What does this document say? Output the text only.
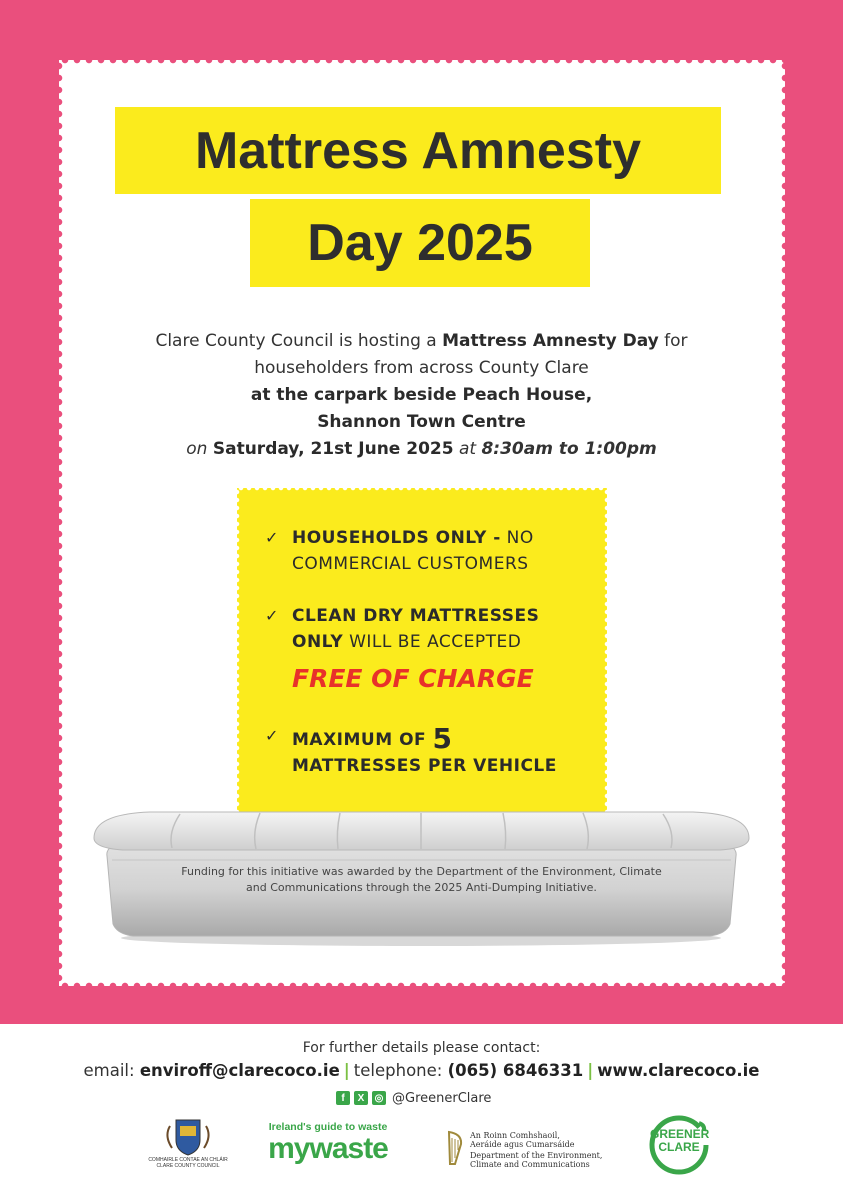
Mattress Amnesty
Day 2025
Clare County Council is hosting a Mattress Amnesty Day for
householders from across County Clare
at the carpark beside Peach House,
Shannon Town Centre
on Saturday, 21st June 2025 at 8:30am to 1:00pm
✓ HOUSEHOLDS ONLY - NO
COMMERCIAL CUSTOMERS
✓ CLEAN DRY MATTRESSES
ONLY WILL BE ACCEPTED
FREE OF CHARGE
✓ MAXIMUM OF 5
MATTRESSES PER VEHICLE
Funding for this initiative was awarded by the Department of the Environment, Climate
and Communications through the 2025 Anti-Dumping Initiative.
For further details please contact:
email: enviroff@clarecoco.ie | telephone: (065) 6846331 | www.clarecoco.ie
f	X	◎ @GreenerClare
COMHAIRLE CONTAE AN CHLÁIR
CLARE COUNTY COUNCIL
Ireland's guide to waste
mywaste	An Roinn Comhshaoil,
Aeráide agus Cumarsáide
Department of the Environment,
Climate and Communications
GREENER
CLARE
